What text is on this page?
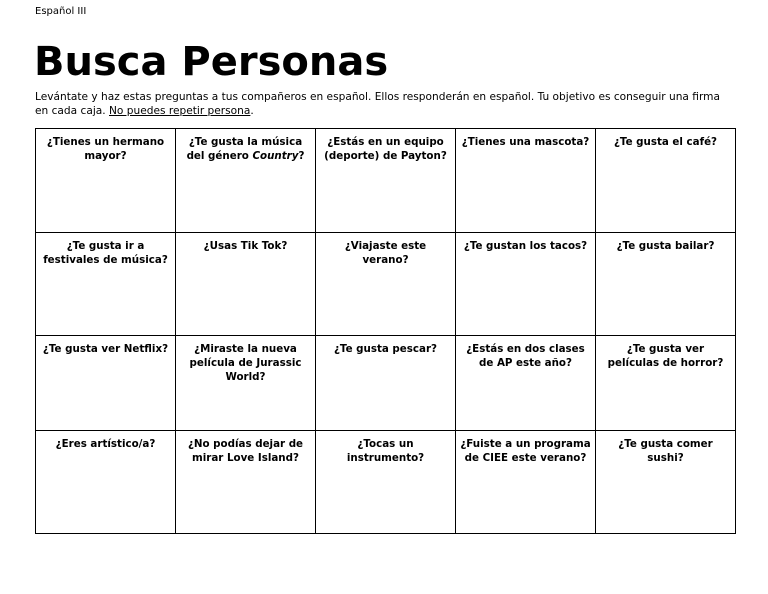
Español III
Busca Personas
Levántate y haz estas preguntas a tus compañeros en español. Ellos responderán en español. Tu objetivo es conseguir una firma en cada caja. No puedes repetir persona.
¿Tienes un hermano mayor?	¿Te gusta la música del género Country?	¿Estás en un equipo (deporte) de Payton?	¿Tienes una mascota?	¿Te gusta el café?
¿Te gusta ir a festivales de música?	¿Usas Tik Tok?	¿Viajaste este verano?	¿Te gustan los tacos?	¿Te gusta bailar?
¿Te gusta ver Netflix?	¿Miraste la nueva película de Jurassic World?	¿Te gusta pescar?	¿Estás en dos clases de AP este año?	¿Te gusta ver películas de horror?
¿Eres artístico/a?	¿No podías dejar de mirar Love Island?	¿Tocas un instrumento?	¿Fuiste a un programa de CIEE este verano?	¿Te gusta comer sushi?
